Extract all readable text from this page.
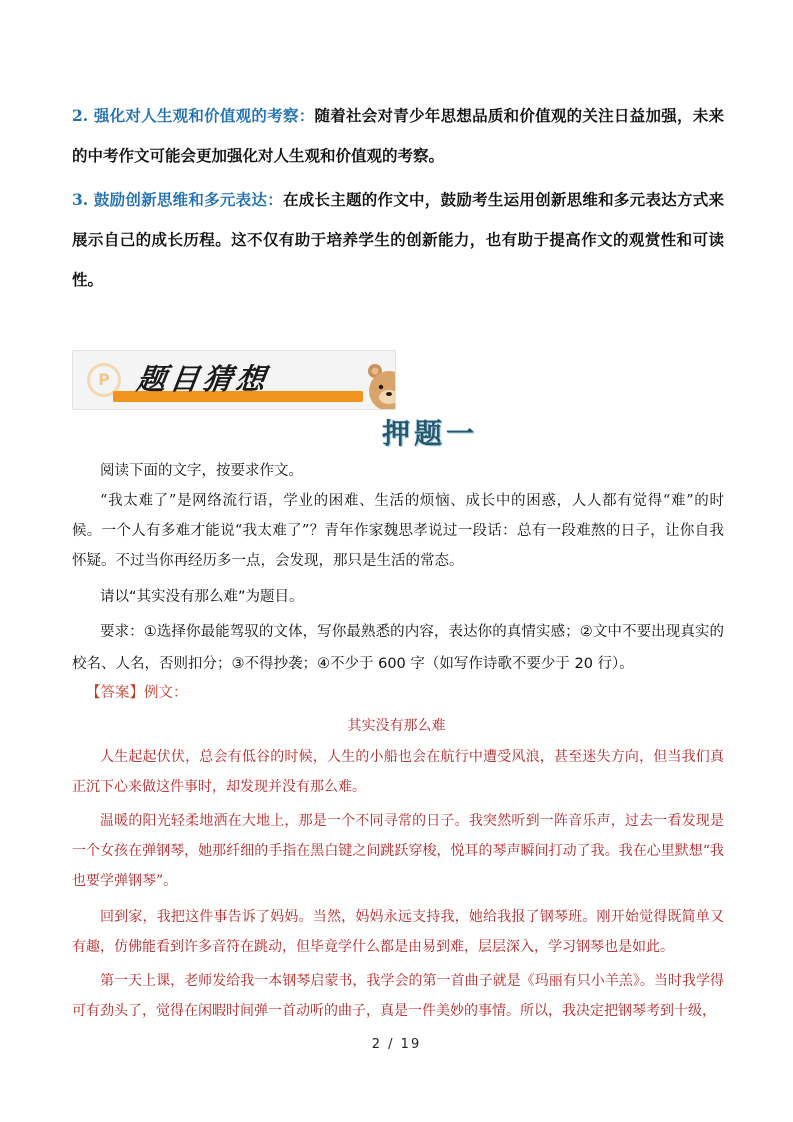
2. 强化对人生观和价值观的考察：随着社会对青少年思想品质和价值观的关注日益加强，未来的中考作文可能会更加强化对人生观和价值观的考察。

3. 鼓励创新思维和多元表达：在成长主题的作文中，鼓励考生运用创新思维和多元表达方式来展示自己的成长历程。这不仅有助于培养学生的创新能力，也有助于提高作文的观赏性和可读性。

P 题目猜想
押题一

阅读下面的文字，按要求作文。

“我太难了”是网络流行语，学业的困难、生活的烦恼、成长中的困惑，人人都有觉得“难”的时候。一个人有多难才能说“我太难了”？青年作家魏思孝说过一段话：总有一段难熬的日子，让你自我怀疑。不过当你再经历多一点，会发现，那只是生活的常态。

请以“其实没有那么难”为题目。

要求：①选择你最能驾驭的文体，写你最熟悉的内容，表达你的真情实感；②文中不要出现真实的校名、人名，否则扣分；③不得抄袭；④不少于 600 字（如写作诗歌不要少于 20 行）。

【答案】例文：

其实没有那么难

人生起起伏伏，总会有低谷的时候，人生的小船也会在航行中遭受风浪，甚至迷失方向，但当我们真正沉下心来做这件事时，却发现并没有那么难。

温暖的阳光轻柔地洒在大地上，那是一个不同寻常的日子。我突然听到一阵音乐声，过去一看发现是一个女孩在弹钢琴，她那纤细的手指在黑白键之间跳跃穿梭，悦耳的琴声瞬间打动了我。我在心里默想“我也要学弹钢琴”。

回到家，我把这件事告诉了妈妈。当然，妈妈永远支持我，她给我报了钢琴班。刚开始觉得既简单又有趣，仿佛能看到许多音符在跳动，但毕竟学什么都是由易到难，层层深入，学习钢琴也是如此。

第一天上课，老师发给我一本钢琴启蒙书，我学会的第一首曲子就是《玛丽有只小羊羔》。当时我学得可有劲头了，觉得在闲暇时间弹一首动听的曲子，真是一件美妙的事情。所以，我决定把钢琴考到十级，

2 / 19
